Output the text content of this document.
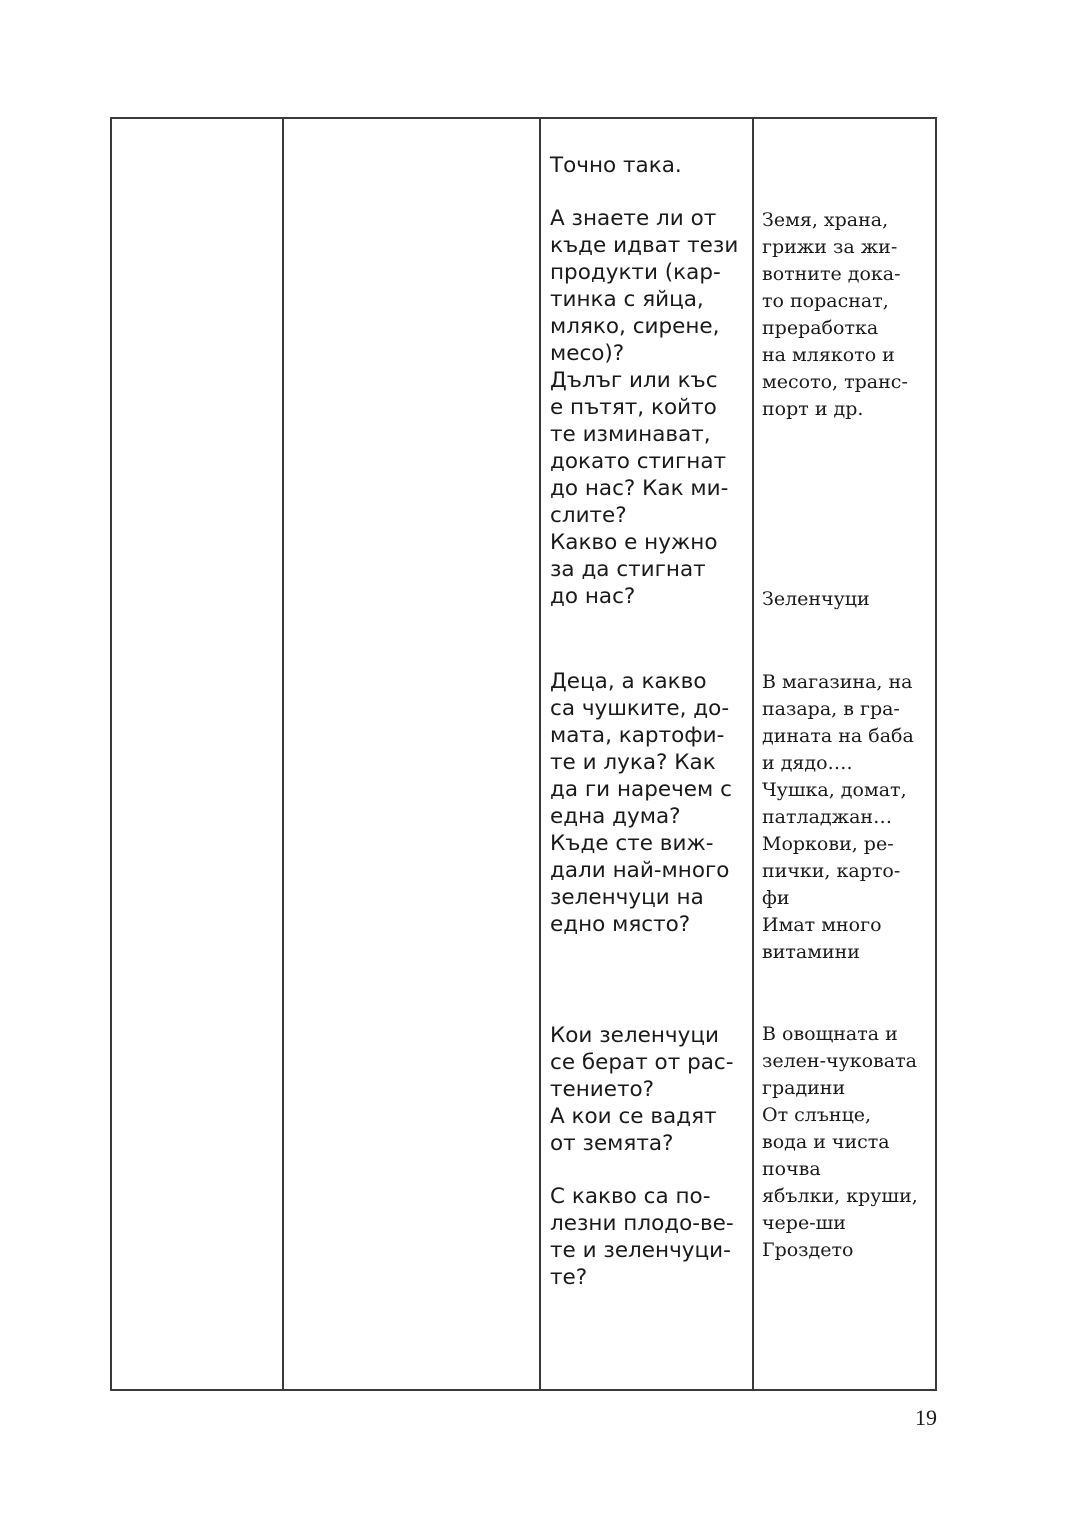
Точно така.

А знаете ли от
къде идват тези
продукти (кар-
тинка с яйца,
мляко, сирене,
месо)?
Дълъг или къс
е пътят, който
те изминават,
докато стигнат
до нас? Как ми-
слите?
Какво е нужно
за да стигнат
до нас?

Деца, а какво
са чушките, до-
мата, картофи-
те и лука? Как
да ги наречем с
една дума?
Къде сте виж-
дали най-много
зеленчуци на
едно място?

Кои зеленчуци
се берат от рас-
тението?
А кои се вадят
от земята?

С какво са по-
лезни плодо-ве-
те и зеленчуци-
те?

Земя, храна,
грижи за жи-
вотните дока-
то пораснат,
преработка
на млякото и
месото, транс-
порт и др.

Зеленчуци

В магазина, на
пазара, в гра-
дината на баба
и дядо….
Чушка, домат,
патладжан…
Моркови, ре-
пички, карто-
фи
Имат много
витамини

В овощната и
зелен-чуковата
градини
От слънце,
вода и чиста
почва
ябълки, круши,
чере-ши
Гроздето

19
